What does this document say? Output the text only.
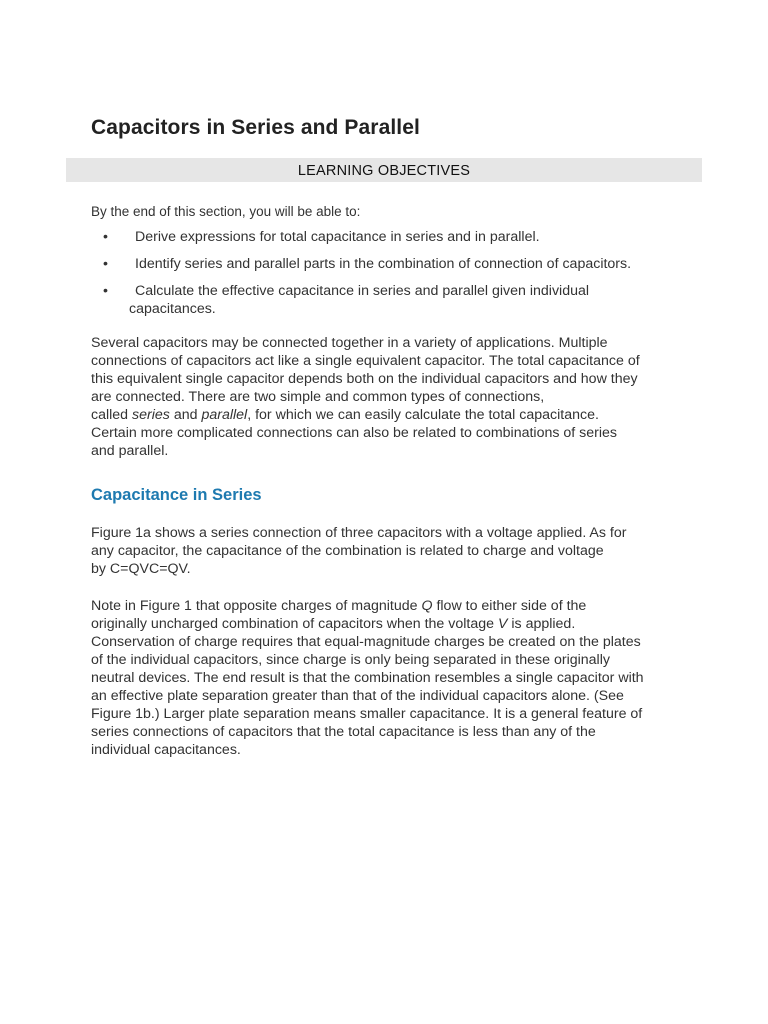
Capacitors in Series and Parallel
LEARNING OBJECTIVES

By the end of this section, you will be able to:

• Derive expressions for total capacitance in series and in parallel.
• Identify series and parallel parts in the combination of connection of capacitors.
• Calculate the effective capacitance in series and parallel given individual
capacitances.

Several capacitors may be connected together in a variety of applications. Multiple
connections of capacitors act like a single equivalent capacitor. The total capacitance of
this equivalent single capacitor depends both on the individual capacitors and how they
are connected. There are two simple and common types of connections,
called series and parallel, for which we can easily calculate the total capacitance.
Certain more complicated connections can also be related to combinations of series
and parallel.

Capacitance in Series

Figure 1a shows a series connection of three capacitors with a voltage applied. As for
any capacitor, the capacitance of the combination is related to charge and voltage
by C=QVC=QV.

Note in Figure 1 that opposite charges of magnitude Q flow to either side of the
originally uncharged combination of capacitors when the voltage V is applied.
Conservation of charge requires that equal-magnitude charges be created on the plates
of the individual capacitors, since charge is only being separated in these originally
neutral devices. The end result is that the combination resembles a single capacitor with
an effective plate separation greater than that of the individual capacitors alone. (See
Figure 1b.) Larger plate separation means smaller capacitance. It is a general feature of
series connections of capacitors that the total capacitance is less than any of the
individual capacitances.
